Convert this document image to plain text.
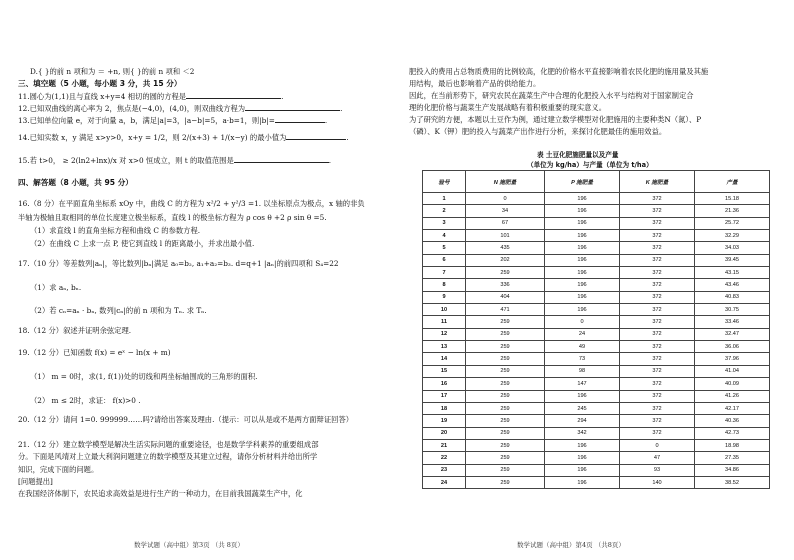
D.{ }的前 n 项和为 ＝ +n, 则{ }的前 n 项和 ＜2
三、填空题（5 小题，每小题 3 分，共 15 分）
11.圆心为(1,1)且与直线 x+y=4 相切的圆的方程是	.
12.已知双曲线的离心率为 2，焦点是(−4,0)，(4,0)，则双曲线方程为	.
13.已知单位向量 e，对于向量 a，b，满足|a|=3，|a−b|=5，a·b=1，则|b|=	.
14.已知实数 x，y 满足 x>y>0，x+y = 1/2，则 2/(x+3) + 1/(x−y) 的最小值为	.
15.若 t>0， ≥ 2(ln2+lnx)/x 对 x>0 恒成立，则 t 的取值范围是	.
四、解答题（8 小题，共 95 分）
16.（8 分）在平面直角坐标系 xOy 中，曲线 C 的方程为 x²/2 + y²/3 =1. 以坐标原点为极点，x 轴的非负
半轴为极轴且取相同的单位长度建立极坐标系，直线 l 的极坐标方程为 ρ cos θ +2 ρ sin θ =5.
（1）求直线 l 的直角坐标方程和曲线 C 的参数方程.
（2）在曲线 C 上求一点 P, 使它到直线 l 的距离最小，并求出最小值.
17.（10 分）等差数列|aₙ|，等比数列|bₙ|满足 a₀=b₂, a₁+a₂=b₃. d=q+1 |aₙ|的前四项和 S₄=22
（1）求 aₙ, bₙ.
（2）若 cₙ=aₙ · bₙ, 数列|cₙ|的前 n 项和为 Tₙ. 求 Tₙ.
18.（12 分）叙述并证明余弦定理.
19.（12 分）已知函数 f(x) = eˣ − ln(x + m)
（1） m = 0时，求(1, f(1))处的切线和两坐标轴围成的三角形的面积.
（2） m ≤ 2时，求证： f(x)>0 .
20.（12 分）请问 1=0. 999999……吗?请给出答案及理由.（提示：可以从是或不是两方面辩证回答）
21.（12 分）建立数学模型是解决生活实际问题的重要途径，也是数学学科素养的重要组成部
分。下面是风靖对上立最大利润问题建立的数学模型及其建立过程，请你分析材料并给出所学
知识，完成下面的问题。
[问题提出]
在我国经济体制下，农民追求高效益是进行生产的一种动力，在目前我国蔬菜生产中，化
数学试题（高中组）第3页 （共 8页）
肥投入的费用占总物质费用的比例较高，化肥的价格水平直接影响着农民化肥的施用量及其施
用结构，最后也影响着产品的供给能力。
因此，在当前形势下，研究农民在蔬菜生产中合理的化肥投入水平与结构对于国家制定合
理的化肥价格与蔬菜生产发展战略有着积极重要的现实意义。
为了研究的方便，本题以土豆作为例，通过建立数学模型对化肥施用的主要种类N（氮）、P
（磷）、K（钾）肥的投入与蔬菜产出作进行分析，来探讨化肥最佳的施用效益。
表 土豆化肥施肥量以及产量
（单位为 kg/ha）与产量（单位为 t/ha）
验号	N 施肥量	P 施肥量	K 施肥量	产量
1	0	196	372	15.18
2	34	196	372	21.36
3	67	196	372	25.72
4	101	196	372	32.29
5	435	196	372	34.03
6	202	196	372	39.45
7	259	196	372	43.15
8	336	196	372	43.46
9	404	196	372	40.83
10	471	196	372	30.75
11	259	0	372	33.46
12	259	24	372	32.47
13	259	49	372	36.06
14	259	73	372	37.96
15	259	98	372	41.04
16	259	147	372	40.09
17	259	196	372	41.26
18	259	245	372	42.17
19	259	294	372	40.36
20	259	342	372	42.73
21	259	196	0	18.98
22	259	196	47	27.35
23	259	196	93	34.86
24	259	196	140	38.52
数学试题（高中组）第4页 （共8页）
